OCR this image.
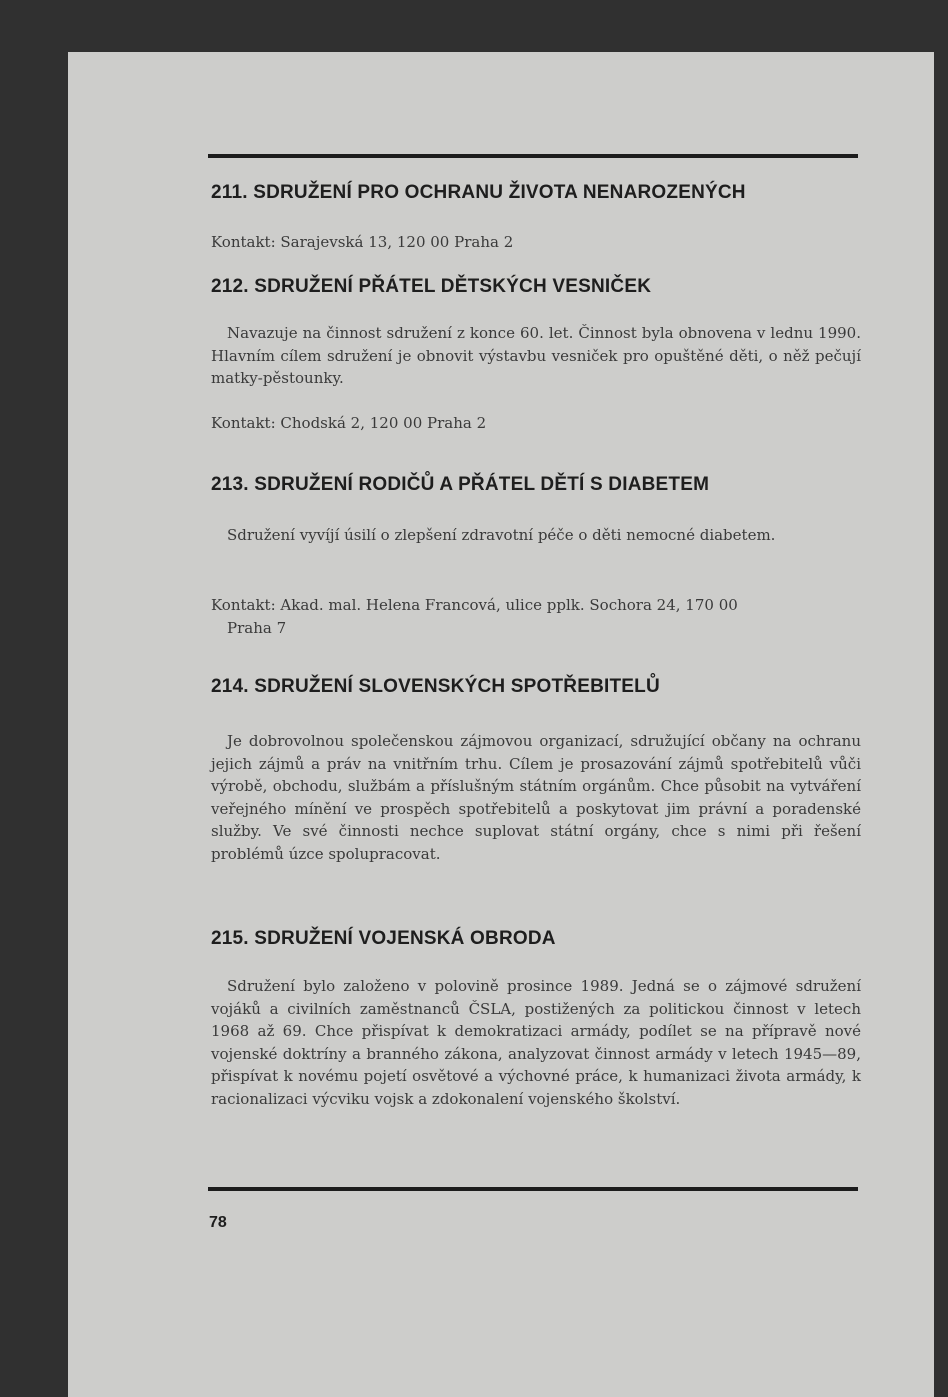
211. SDRUŽENÍ PRO OCHRANU ŽIVOTA NENAROZENÝCH

Kontakt: Sarajevská 13, 120 00 Praha 2

212. SDRUŽENÍ PŘÁTEL DĚTSKÝCH VESNIČEK

Navazuje na činnost sdružení z konce 60. let. Činnost byla obnovena v lednu 1990. Hlavním cílem sdružení je obnovit výstavbu vesniček pro opuštěné děti, o něž pečují matky-pěstounky.

Kontakt: Chodská 2, 120 00 Praha 2

213. SDRUŽENÍ RODIČŮ A PŘÁTEL DĚTÍ S DIABETEM

Sdružení vyvíjí úsilí o zlepšení zdravotní péče o děti nemocné diabetem.

Kontakt: Akad. mal. Helena Francová, ulice pplk. Sochora 24, 170 00
Praha 7

214. SDRUŽENÍ SLOVENSKÝCH SPOTŘEBITELŮ

Je dobrovolnou společenskou zájmovou organizací, sdružující občany na ochranu jejich zájmů a práv na vnitřním trhu. Cílem je prosazování zájmů spotřebitelů vůči výrobě, obchodu, službám a příslušným státním orgánům. Chce působit na vytváření veřejného mínění ve prospěch spotřebitelů a poskytovat jim právní a poradenské služby. Ve své činnosti nechce suplovat státní orgány, chce s nimi při řešení problémů úzce spolupracovat.

215. SDRUŽENÍ VOJENSKÁ OBRODA

Sdružení bylo založeno v polovině prosince 1989. Jedná se o zájmové sdružení vojáků a civilních zaměstnanců ČSLA, postižených za politickou činnost v letech 1968 až 69. Chce přispívat k demokratizaci armády, podílet se na přípravě nové vojenské doktríny a branného zákona, analyzovat činnost armády v letech 1945—89, přispívat k novému pojetí osvětové a výchovné práce, k humanizaci života armády, k racionalizaci výcviku vojsk a zdokonalení vojenského školství.

78
